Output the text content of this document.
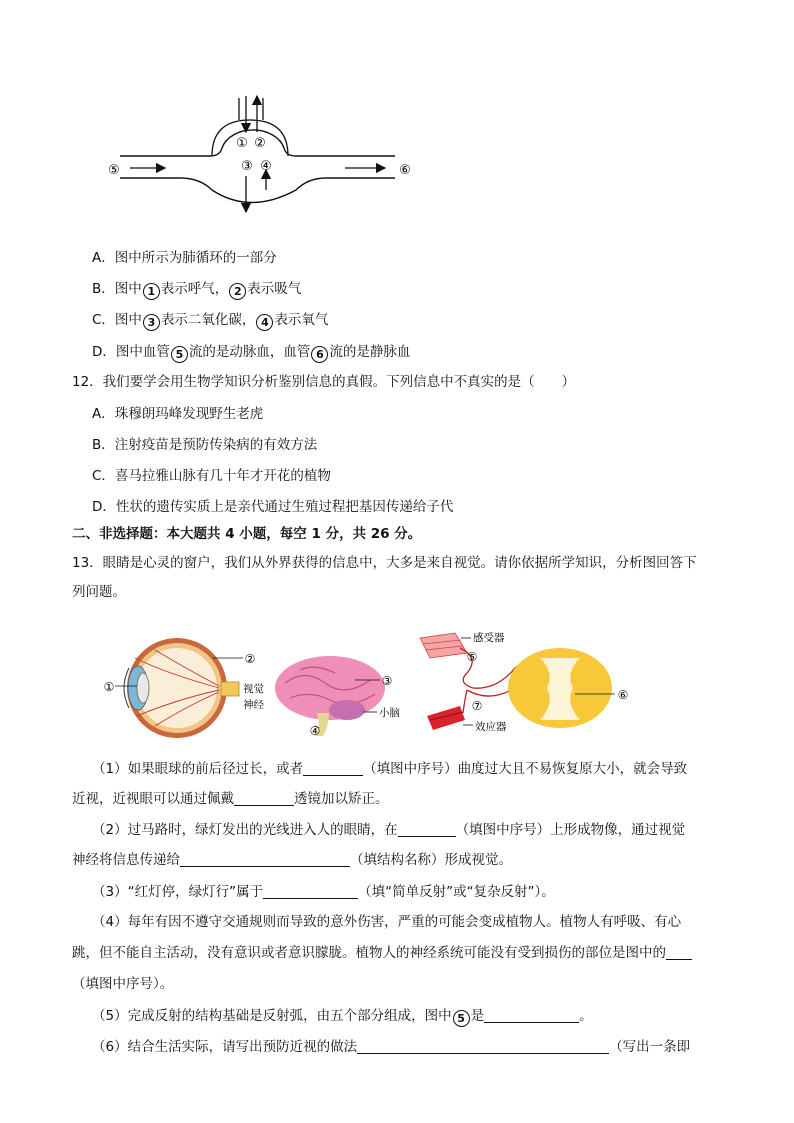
① ②
③ ④
⑤	⑥
A．图中所示为肺循环的一部分
B．图中 1 表示呼气， 2 表示吸气
C．图中 3 表示二氧化碳， 4 表示氧气
D．图中血管 5 流的是动脉血，血管 6 流的是静脉血
12．我们要学会用生物学知识分析鉴别信息的真假。下列信息中不真实的是（　　）
A．珠穆朗玛峰发现野生老虎
B．注射疫苗是预防传染病的有效方法
C．喜马拉雅山脉有几十年才开花的植物
D．性状的遗传实质上是亲代通过生殖过程把基因传递给子代
二、非选择题：本大题共 4 小题，每空 1 分，共 26 分。
13．眼睛是心灵的窗户，我们从外界获得的信息中，大多是来自视觉。请你依据所学知识，分析图回答下
列问题。
①
②
视觉
神经
③
小脑
④
感受器
⑤
⑦
效应器
⑥
（1）如果眼球的前后径过长，或者	（填图中序号）曲度过大且不易恢复原大小，就会导致
近视，近视眼可以通过佩戴	透镜加以矫正。
（2）过马路时，绿灯发出的光线进入人的眼睛，在	（填图中序号）上形成物像，通过视觉
神经将信息传递给	（填结构名称）形成视觉。
（3）“红灯停，绿灯行”属于	（填“简单反射”或“复杂反射”）。
（4）每年有因不遵守交通规则而导致的意外伤害，严重的可能会变成植物人。植物人有呼吸、有心
跳，但不能自主活动，没有意识或者意识朦胧。植物人的神经系统可能没有受到损伤的部位是图中的
（填图中序号）。
（5）完成反射的结构基础是反射弧，由五个部分组成，图中 5 是	。
（6）结合生活实际，请写出预防近视的做法	（写出一条即
